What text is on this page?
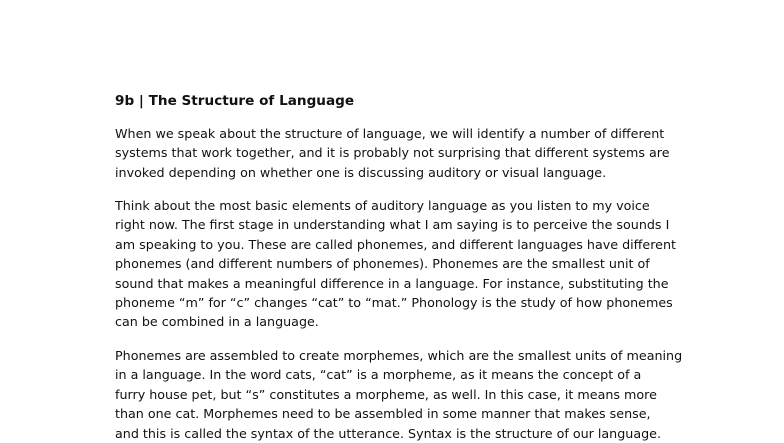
9b | The Structure of Language
When we speak about the structure of language, we will identify a number of different
systems that work together, and it is probably not surprising that different systems are
invoked depending on whether one is discussing auditory or visual language.
Think about the most basic elements of auditory language as you listen to my voice
right now. The first stage in understanding what I am saying is to perceive the sounds I
am speaking to you. These are called phonemes, and different languages have different
phonemes (and different numbers of phonemes). Phonemes are the smallest unit of
sound that makes a meaningful difference in a language. For instance, substituting the
phoneme “m” for “c” changes “cat” to “mat.” Phonology is the study of how phonemes
can be combined in a language.
Phonemes are assembled to create morphemes, which are the smallest units of meaning
in a language. In the word cats, “cat” is a morpheme, as it means the concept of a
furry house pet, but “s” constitutes a morpheme, as well. In this case, it means more
than one cat. Morphemes need to be assembled in some manner that makes sense,
and this is called the syntax of the utterance. Syntax is the structure of our language.
